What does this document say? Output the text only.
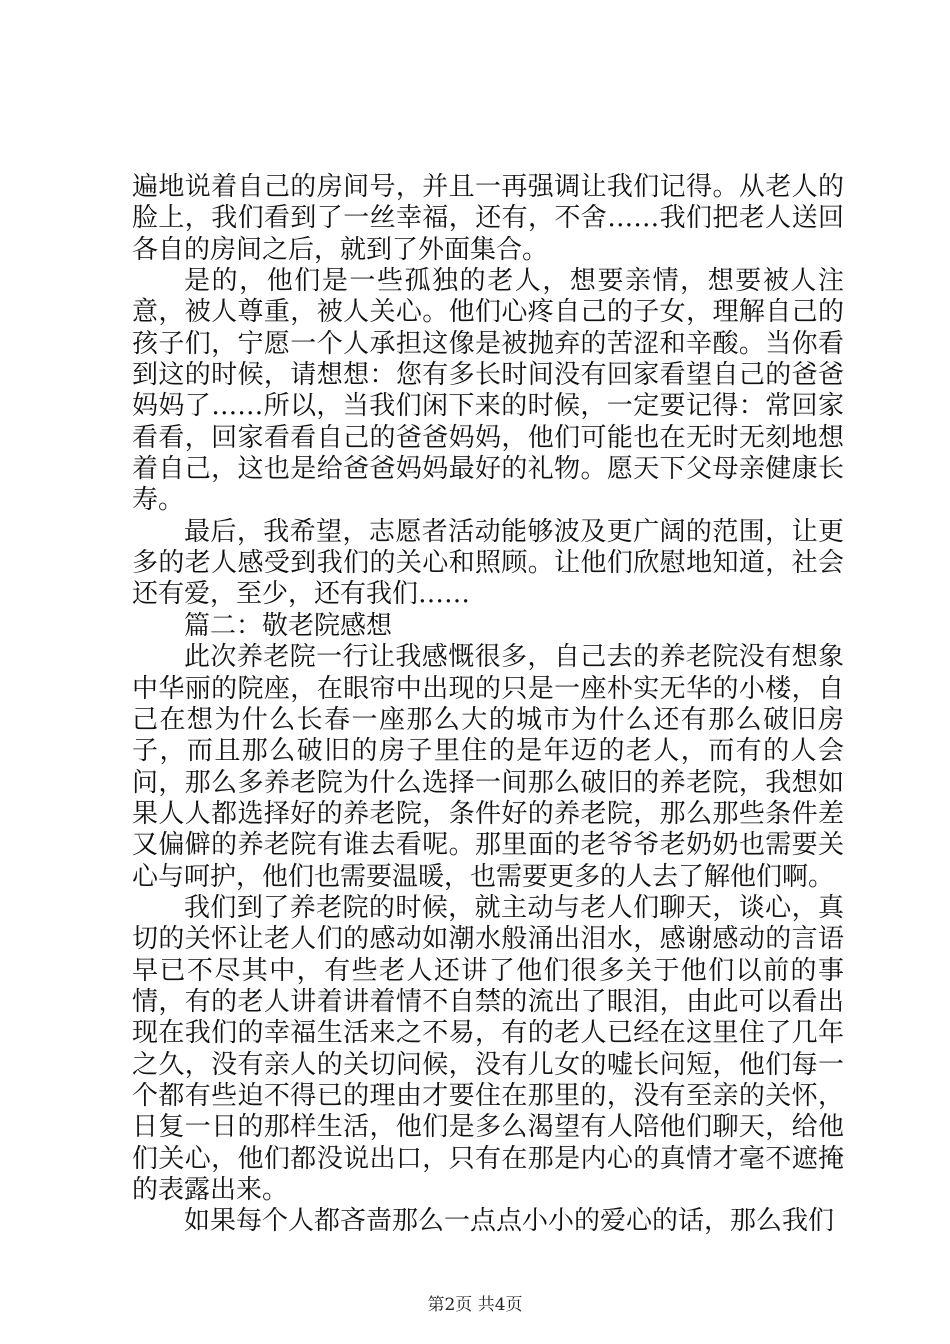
遍地说着自己的房间号，并且一再强调让我们记得。从老人的脸上，我们看到了一丝幸福，还有，不舍……我们把老人送回各自的房间之后，就到了外面集合。

是的，他们是一些孤独的老人，想要亲情，想要被人注意，被人尊重，被人关心。他们心疼自己的子女，理解自己的孩子们，宁愿一个人承担这像是被抛弃的苦涩和辛酸。当你看到这的时候，请想想：您有多长时间没有回家看望自己的爸爸妈妈了……所以，当我们闲下来的时候，一定要记得：常回家看看，回家看看自己的爸爸妈妈，他们可能也在无时无刻地想着自己，这也是给爸爸妈妈最好的礼物。愿天下父母亲健康长寿。

最后，我希望，志愿者活动能够波及更广阔的范围，让更多的老人感受到我们的关心和照顾。让他们欣慰地知道，社会还有爱，至少，还有我们……

篇二：敬老院感想

此次养老院一行让我感慨很多，自己去的养老院没有想象中华丽的院座，在眼帘中出现的只是一座朴实无华的小楼，自己在想为什么长春一座那么大的城市为什么还有那么破旧房子，而且那么破旧的房子里住的是年迈的老人，而有的人会问，那么多养老院为什么选择一间那么破旧的养老院，我想如果人人都选择好的养老院，条件好的养老院，那么那些条件差又偏僻的养老院有谁去看呢。那里面的老爷爷老奶奶也需要关心与呵护，他们也需要温暖，也需要更多的人去了解他们啊。

我们到了养老院的时候，就主动与老人们聊天，谈心，真切的关怀让老人们的感动如潮水般涌出泪水，感谢感动的言语早已不尽其中，有些老人还讲了他们很多关于他们以前的事情，有的老人讲着讲着情不自禁的流出了眼泪，由此可以看出现在我们的幸福生活来之不易，有的老人已经在这里住了几年之久，没有亲人的关切问候，没有儿女的嘘长问短，他们每一个都有些迫不得已的理由才要住在那里的，没有至亲的关怀，日复一日的那样生活，他们是多么渴望有人陪他们聊天，给他们关心，他们都没说出口，只有在那是内心的真情才毫不遮掩的表露出来。

如果每个人都吝啬那么一点点小小的爱心的话，那么我们

第2页 共4页
